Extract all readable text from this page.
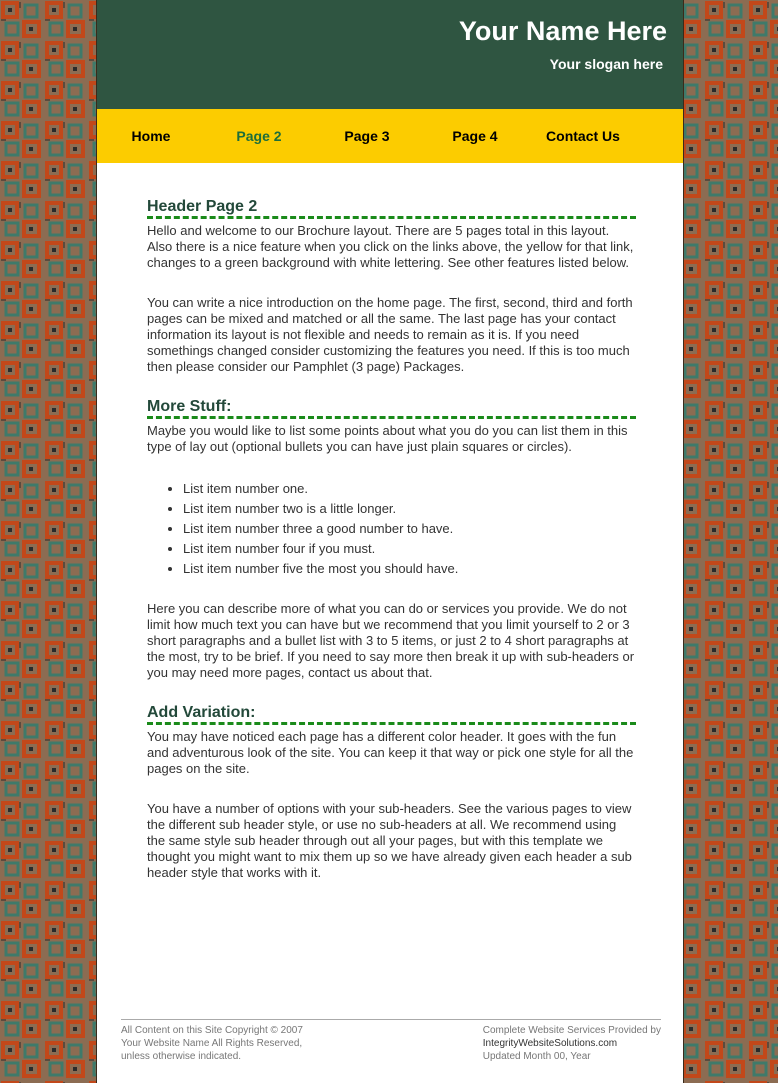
Your Name Here
Your slogan here
Home	Page 2	Page 3	Page 4	Contact Us
Header Page 2

Hello and welcome to our Brochure layout. There are 5 pages total in this layout. Also there is a nice feature when you click on the links above, the yellow for that link, changes to a green background with white lettering. See other features listed below.

You can write a nice introduction on the home page. The first, second, third and forth pages can be mixed and matched or all the same. The last page has your contact information its layout is not flexible and needs to remain as it is. If you need somethings changed consider customizing the features you need. If this is too much then please consider our Pamphlet (3 page) Packages.

More Stuff:

Maybe you would like to list some points about what you do you can list them in this type of lay out (optional bullets you can have just plain squares or circles).

• List item number one.
• List item number two is a little longer.
• List item number three a good number to have.
• List item number four if you must.
• List item number five the most you should have.

Here you can describe more of what you can do or services you provide. We do not limit how much text you can have but we recommend that you limit yourself to 2 or 3 short paragraphs and a bullet list with 3 to 5 items, or just 2 to 4 short paragraphs at the most, try to be brief. If you need to say more then break it up with sub-headers or you may need more pages, contact us about that.

Add Variation:

You may have noticed each page has a different color header. It goes with the fun and adventurous look of the site. You can keep it that way or pick one style for all the pages on the site.

You have a number of options with your sub-headers. See the various pages to view the different sub header style, or use no sub-headers at all. We recommend using the same style sub header through out all your pages, but with this template we thought you might want to mix them up so we have already given each header a sub header style that works with it.

All Content on this Site Copyright © 2007
Your Website Name All Rights Reserved,
unless otherwise indicated.
Complete Website Services Provided by
IntegrityWebsiteSolutions.com
Updated Month 00, Year
